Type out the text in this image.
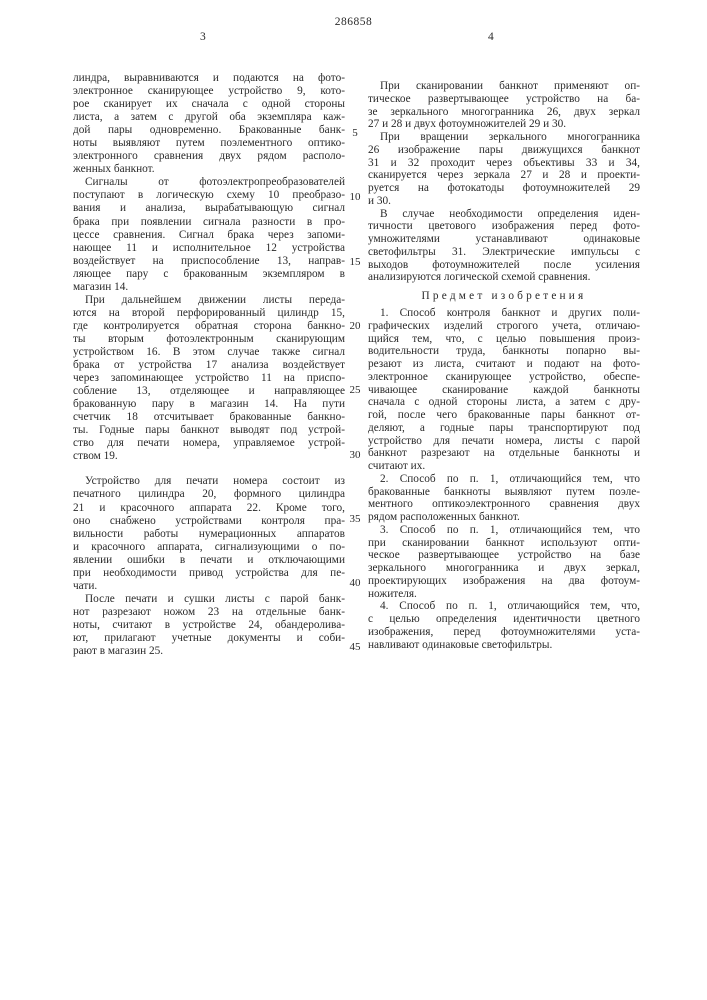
286858
3	4
5
10
15
20
25
30
35
40
45
линдра, выравниваются и подаются на фото-
электронное сканирующее устройство 9, кото-
рое сканирует их сначала с одной стороны
листа, а затем с другой оба экземпляра каж-
дой пары одновременно. Бракованные банк-
ноты выявляют путем поэлементного оптико-
электронного сравнения двух рядом располо-
женных банкнот.
Сигналы от фотоэлектропреобразователей
поступают в логическую схему 10 преобразо-
вания и анализа, вырабатывающую сигнал
брака при появлении сигнала разности в про-
цессе сравнения. Сигнал брака через запоми-
нающее 11 и исполнительное 12 устройства
воздействует на приспособление 13, направ-
ляющее пару с бракованным экземпляром в
магазин 14.
При дальнейшем движении листы переда-
ются на второй перфорированный цилиндр 15,
где контролируется обратная сторона банкно-
ты вторым фотоэлектронным сканирующим
устройством 16. В этом случае также сигнал
брака от устройства 17 анализа воздействует
через запоминающее устройство 11 на приспо-
собление 13, отделяющее и направляющее
бракованную пару в магазин 14. На пути
счетчик 18 отсчитывает бракованные банкно-
ты. Годные пары банкнот выводят под устрой-
ство для печати номера, управляемое устрой-
ством 19.
Устройство для печати номера состоит из
печатного цилиндра 20, формного цилиндра
21 и красочного аппарата 22. Кроме того,
оно снабжено устройствами контроля пра-
вильности работы нумерационных аппаратов
и красочного аппарата, сигнализующими о по-
явлении ошибки в печати и отключающими
при необходимости привод устройства для пе-
чати.
После печати и сушки листы с парой банк-
нот разрезают ножом 23 на отдельные банк-
ноты, считают в устройстве 24, обандеролива-
ют, прилагают учетные документы и соби-
рают в магазин 25.
При сканировании банкнот применяют оп-
тическое развертывающее устройство на ба-
зе зеркального многогранника 26, двух зеркал
27 и 28 и двух фотоумножителей 29 и 30.
При вращении зеркального многогранника
26 изображение пары движущихся банкнот
31 и 32 проходит через объективы 33 и 34,
сканируется через зеркала 27 и 28 и проекти-
руется на фотокатоды фотоумножителей 29
и 30.
В случае необходимости определения иден-
тичности цветового изображения перед фото-
умножителями устанавливают одинаковые
светофильтры 31. Электрические импульсы с
выходов фотоумножителей после усиления
анализируются логической схемой сравнения.
Предмет изобретения
1. Способ контроля банкнот и других поли-
графических изделий строгого учета, отличаю-
щийся тем, что, с целью повышения произ-
водительности труда, банкноты попарно вы-
резают из листа, считают и подают на фото-
электронное сканирующее устройство, обеспе-
чивающее сканирование каждой банкноты
сначала с одной стороны листа, а затем с дру-
гой, после чего бракованные пары банкнот от-
деляют, а годные пары транспортируют под
устройство для печати номера, листы с парой
банкнот разрезают на отдельные банкноты и
считают их.
2. Способ по п. 1, отличающийся тем, что
бракованные банкноты выявляют путем поэле-
ментного оптикоэлектронного сравнения двух
рядом расположенных банкнот.
3. Способ по п. 1, отличающийся тем, что
при сканировании банкнот используют опти-
ческое развертывающее устройство на базе
зеркального многогранника и двух зеркал,
проектирующих изображения на два фотоум-
ножителя.
4. Способ по п. 1, отличающийся тем, что,
с целью определения идентичности цветного
изображения, перед фотоумножителями уста-
навливают одинаковые светофильтры.
